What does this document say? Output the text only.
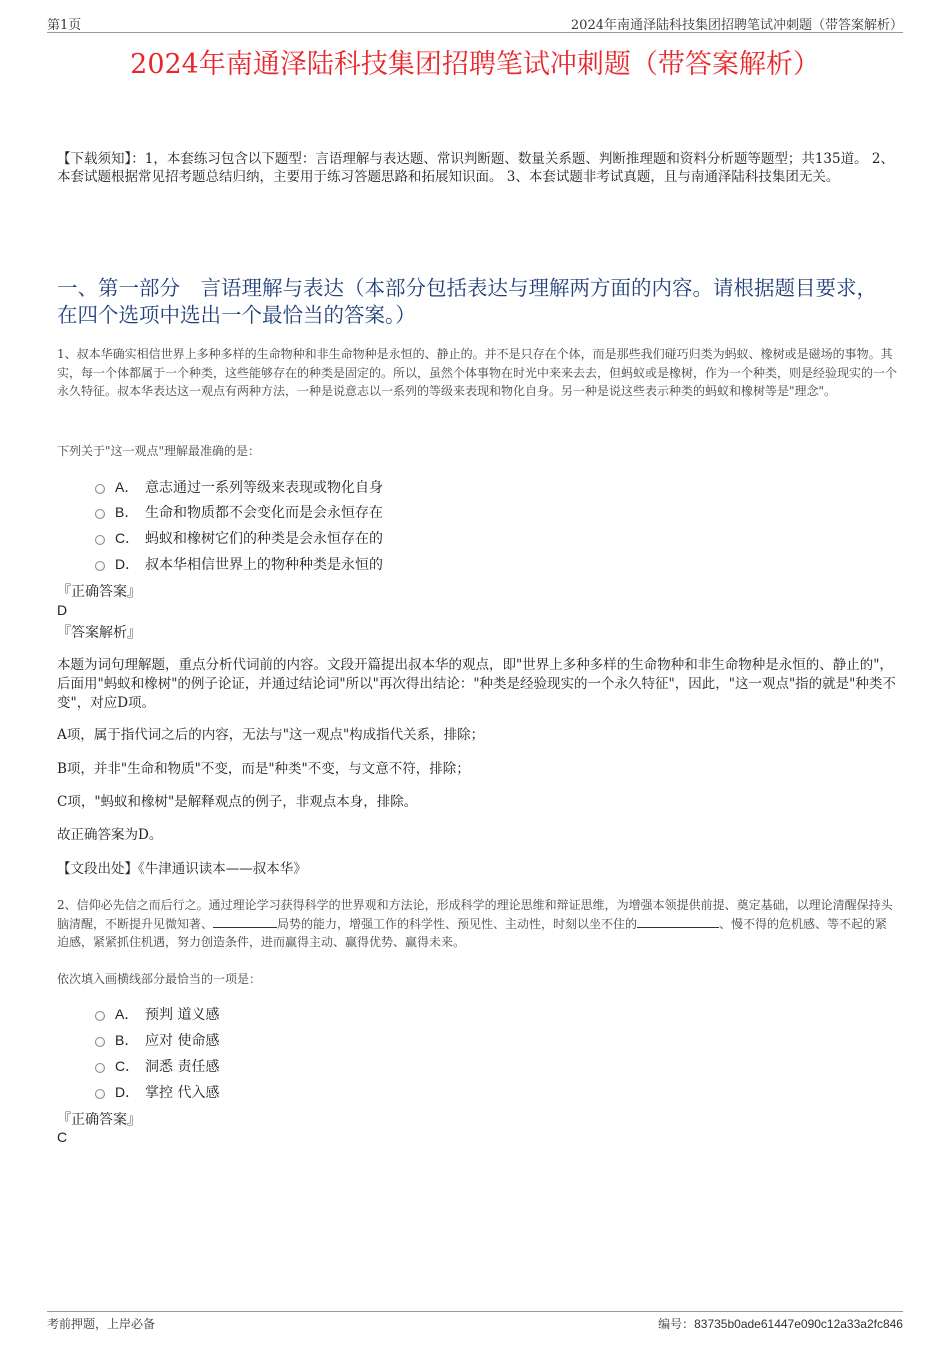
第1页	2024年南通泽陆科技集团招聘笔试冲刺题（带答案解析）
2024年南通泽陆科技集团招聘笔试冲刺题（带答案解析）
【下载须知】：1，本套练习包含以下题型：言语理解与表达题、常识判断题、数量关系题、判断推理题和资料分析题等题型；共135道。 2、本套试题根据常见招考题总结归纳，主要用于练习答题思路和拓展知识面。 3、本套试题非考试真题，且与南通泽陆科技集团无关。
一、第一部分　言语理解与表达（本部分包括表达与理解两方面的内容。请根据题目要求，在四个选项中选出一个最恰当的答案。）
1、叔本华确实相信世界上多种多样的生命物种和非生命物种是永恒的、静止的。并不是只存在个体，而是那些我们碰巧归类为蚂蚁、橡树或是磁场的事物。其实，每一个体都属于一个种类，这些能够存在的种类是固定的。所以，虽然个体事物在时光中来来去去，但蚂蚁或是橡树，作为一个种类，则是经验现实的一个永久特征。叔本华表达这一观点有两种方法，一种是说意志以一系列的等级来表现和物化自身。另一种是说这些表示种类的蚂蚁和橡树等是"理念"。
下列关于"这一观点"理解最准确的是：
A． 意志通过一系列等级来表现或物化自身
B． 生命和物质都不会变化而是会永恒存在
C． 蚂蚁和橡树它们的种类是会永恒存在的
D． 叔本华相信世界上的物种种类是永恒的
『正确答案』
D
『答案解析』
本题为词句理解题，重点分析代词前的内容。文段开篇提出叔本华的观点，即"世界上多种多样的生命物种和非生命物种是永恒的、静止的"，后面用"蚂蚁和橡树"的例子论证，并通过结论词"所以"再次得出结论："种类是经验现实的一个永久特征"，因此，"这一观点"指的就是"种类不变"，对应D项。
A项，属于指代词之后的内容，无法与"这一观点"构成指代关系，排除；
B项，并非"生命和物质"不变，而是"种类"不变，与文意不符，排除；
C项，"蚂蚁和橡树"是解释观点的例子，非观点本身，排除。
故正确答案为D。
【文段出处】《牛津通识读本——叔本华》
2、信仰必先信之而后行之。通过理论学习获得科学的世界观和方法论，形成科学的理论思维和辩证思维，为增强本领提供前提、奠定基础，以理论清醒保持头脑清醒，不断提升见微知著、	局势的能力，增强工作的科学性、预见性、主动性，时刻以坐不住的	、慢不得的危机感、等不起的紧迫感，紧紧抓住机遇，努力创造条件，进而赢得主动、赢得优势、赢得未来。
依次填入画横线部分最恰当的一项是：
A． 预判 道义感
B． 应对 使命感
C． 洞悉 责任感
D． 掌控 代入感
『正确答案』
C
考前押题，上岸必备	编号：83735b0ade61447e090c12a33a2fc846
